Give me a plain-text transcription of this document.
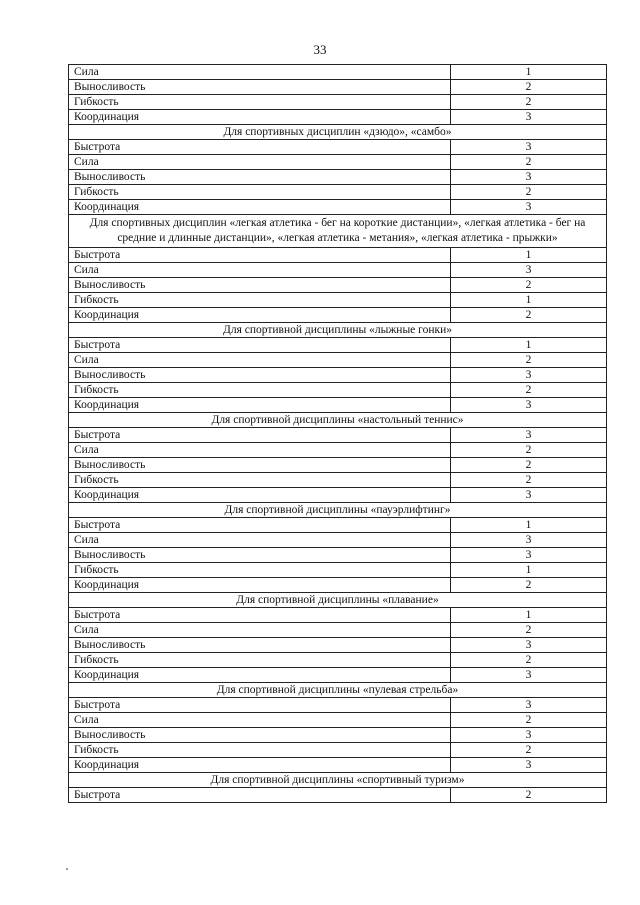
33
Сила	1
Выносливость	2
Гибкость	2
Координация	3
Для спортивных дисциплин «дзюдо», «самбо»	
Быстрота	3
Сила	2
Выносливость	3
Гибкость	2
Координация	3
Для спортивных дисциплин «легкая атлетика - бег на короткие дистанции», «легкая атлетика - бег на средние и длинные дистанции», «легкая атлетика - метания», «легкая атлетика - прыжки»	
Быстрота	1
Сила	3
Выносливость	2
Гибкость	1
Координация	2
Для спортивной дисциплины «лыжные гонки»	
Быстрота	1
Сила	2
Выносливость	3
Гибкость	2
Координация	3
Для спортивной дисциплины «настольный теннис»	
Быстрота	3
Сила	2
Выносливость	2
Гибкость	2
Координация	3
Для спортивной дисциплины «пауэрлифтинг»	
Быстрота	1
Сила	3
Выносливость	3
Гибкость	1
Координация	2
Для спортивной дисциплины «плавание»	
Быстрота	1
Сила	2
Выносливость	3
Гибкость	2
Координация	3
Для спортивной дисциплины «пулевая стрельба»	
Быстрота	3
Сила	2
Выносливость	3
Гибкость	2
Координация	3
Для спортивной дисциплины «спортивный туризм»	
Быстрота	2
